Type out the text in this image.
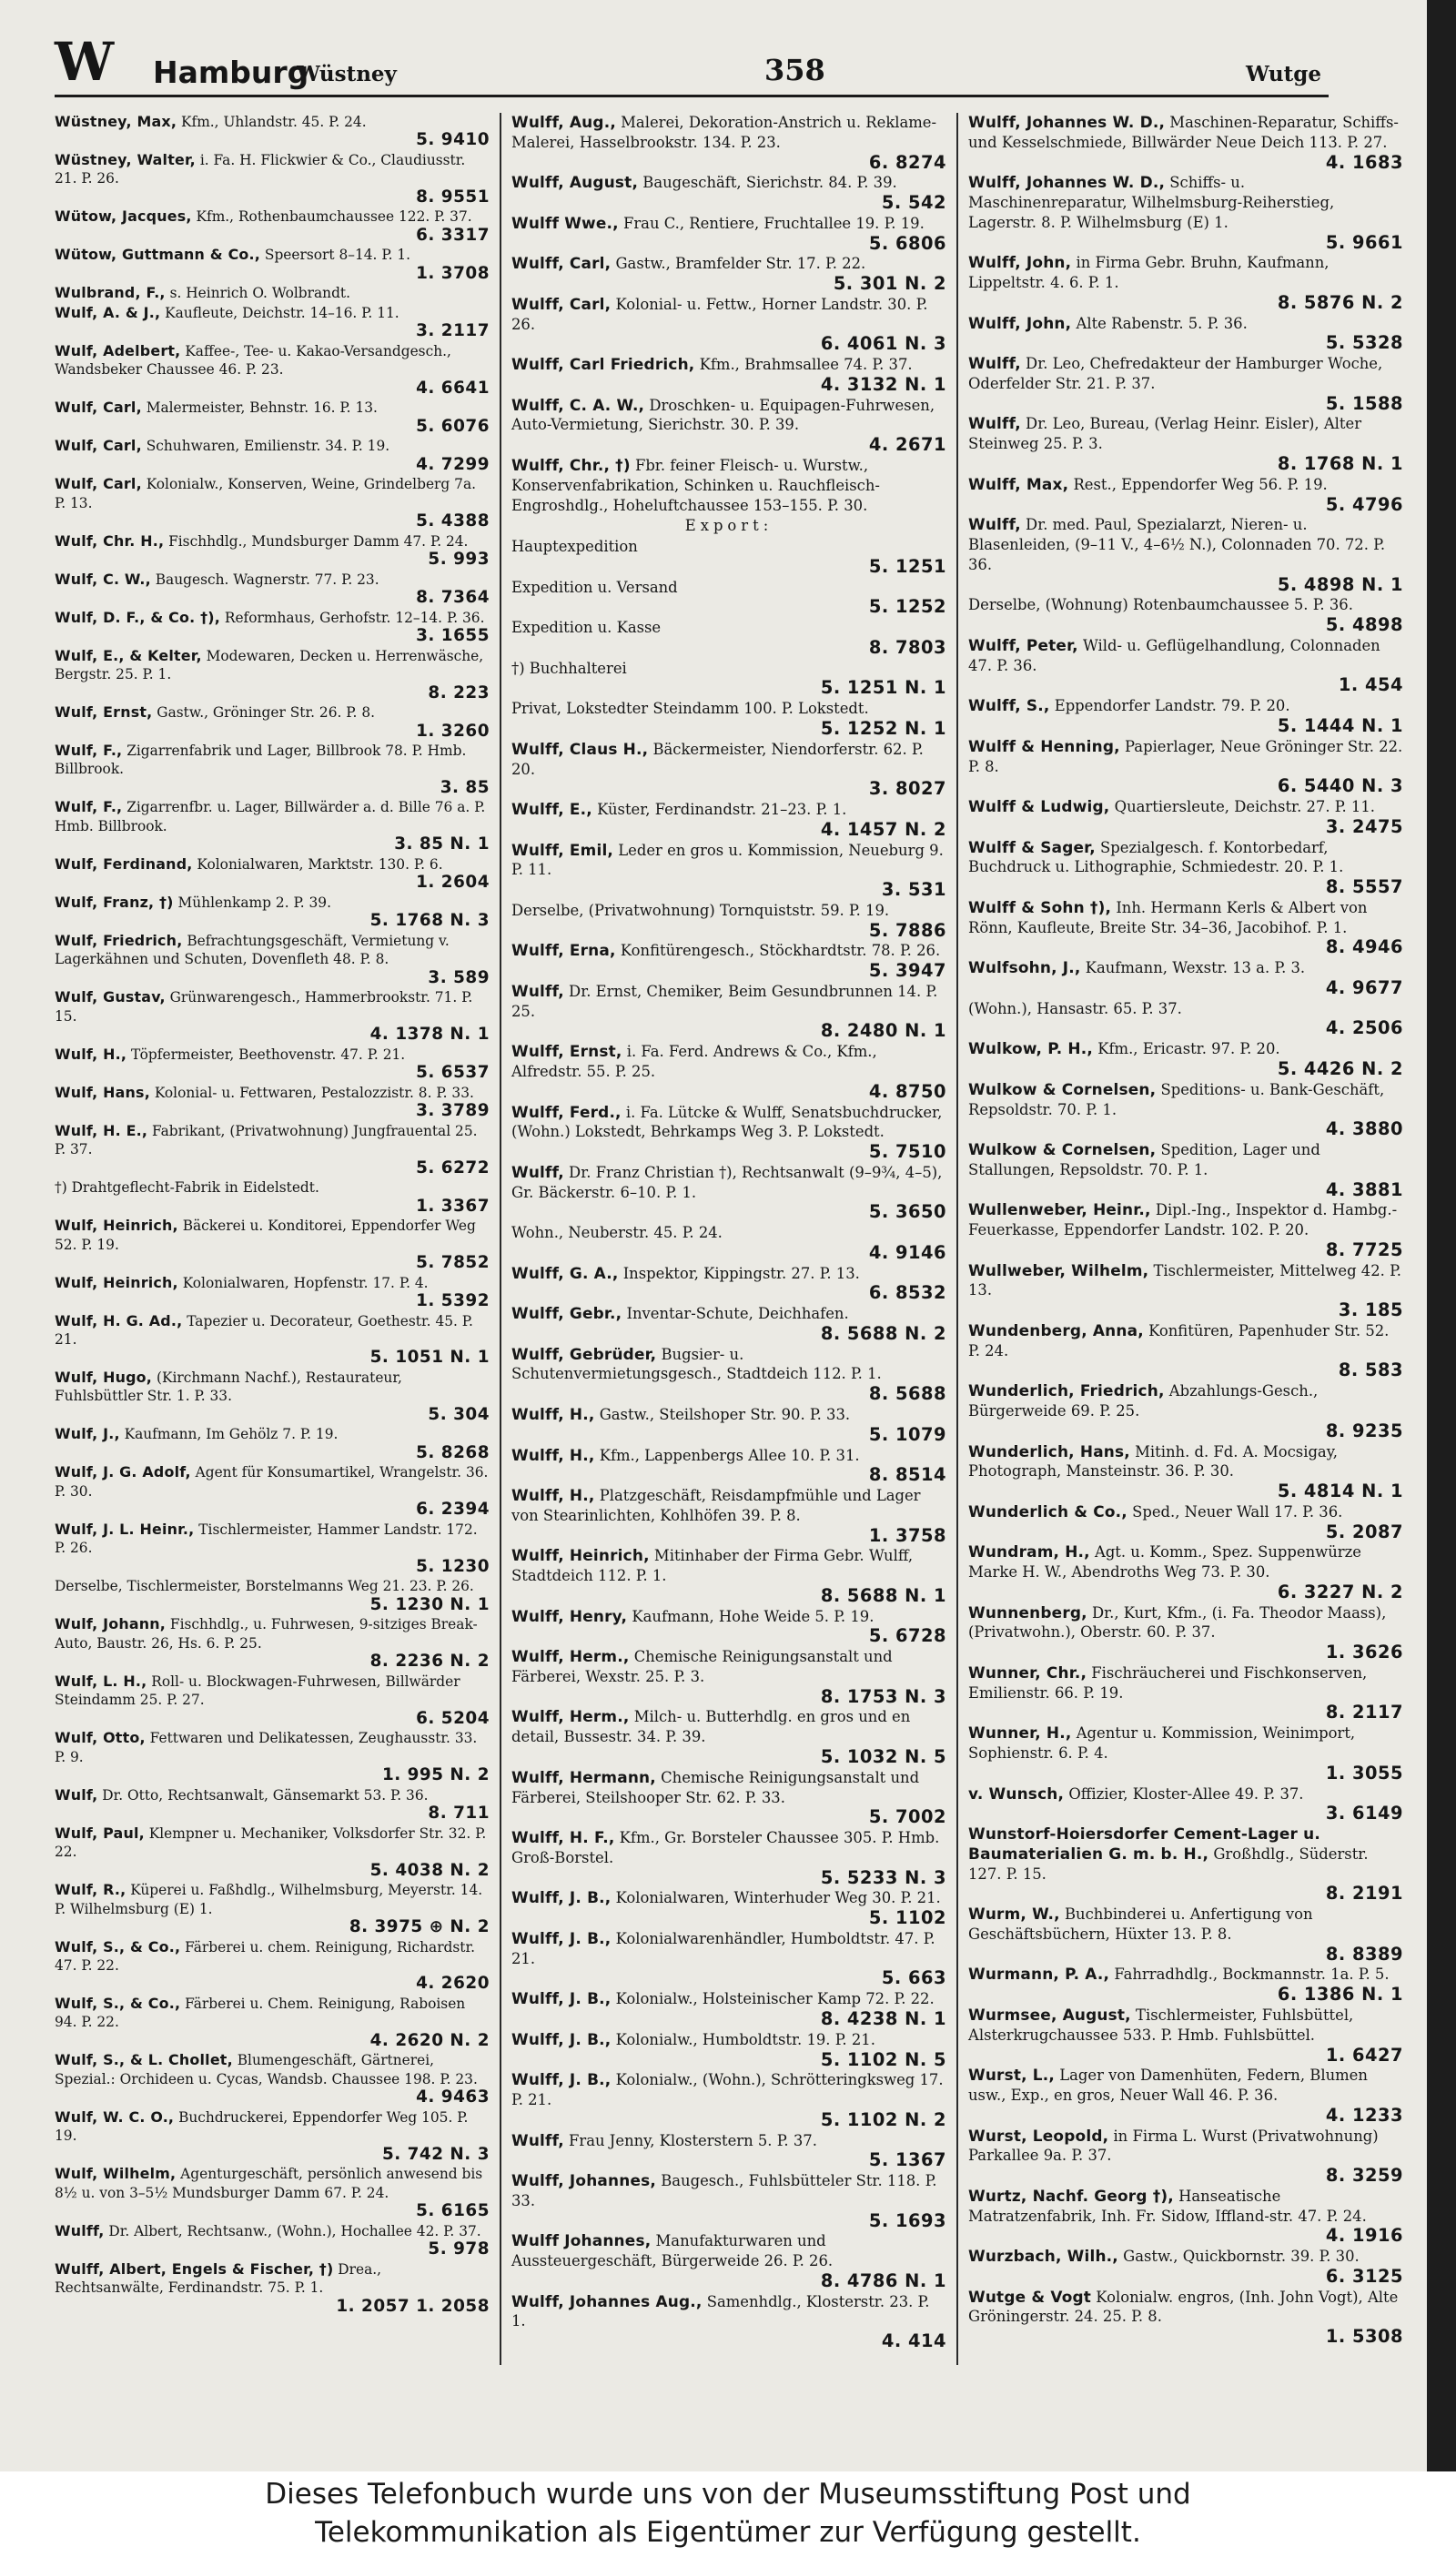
W Hamburg
Wüstney	358	Wutge
Wüstney, Max, Kfm., Uhlandstr. 45. P. 24.
5. 9410
Wüstney, Walter, i. Fa. H. Flickwier & Co., Claudiusstr. 21. P. 26.
8. 9551
Wütow, Jacques, Kfm., Rothenbaumchaussee 122. P. 37.
6. 3317
Wütow, Guttmann & Co., Speersort 8–14. P. 1.
1. 3708
Wulbrand, F., s. Heinrich O. Wolbrandt.
Wulf, A. & J., Kaufleute, Deichstr. 14–16. P. 11.
3. 2117
Wulf, Adelbert, Kaffee-, Tee- u. Kakao-Versandgesch., Wandsbeker Chaussee 46. P. 23.
4. 6641
Wulf, Carl, Malermeister, Behnstr. 16. P. 13.
5. 6076
Wulf, Carl, Schuhwaren, Emilienstr. 34. P. 19.
4. 7299
Wulf, Carl, Kolonialw., Konserven, Weine, Grindelberg 7a. P. 13.
5. 4388
Wulf, Chr. H., Fischhdlg., Mundsburger Damm 47. P. 24.
5. 993
Wulf, C. W., Baugesch. Wagnerstr. 77. P. 23.
8. 7364
Wulf, D. F., & Co. †), Reformhaus, Gerhofstr. 12–14. P. 36.
3. 1655
Wulf, E., & Kelter, Modewaren, Decken u. Herrenwäsche, Bergstr. 25. P. 1.
8. 223
Wulf, Ernst, Gastw., Gröninger Str. 26. P. 8.
1. 3260
Wulf, F., Zigarrenfabrik und Lager, Billbrook 78. P. Hmb. Billbrook.
3. 85
Wulf, F., Zigarrenfbr. u. Lager, Billwärder a. d. Bille 76 a. P. Hmb. Billbrook.
3. 85 N. 1
Wulf, Ferdinand, Kolonialwaren, Marktstr. 130. P. 6.
1. 2604
Wulf, Franz, †) Mühlenkamp 2. P. 39.
5. 1768 N. 3
Wulf, Friedrich, Befrachtungsgeschäft, Vermietung v. Lagerkähnen und Schuten, Dovenfleth 48. P. 8.
3. 589
Wulf, Gustav, Grünwarengesch., Hammerbrookstr. 71. P. 15.
4. 1378 N. 1
Wulf, H., Töpfermeister, Beethovenstr. 47. P. 21.
5. 6537
Wulf, Hans, Kolonial- u. Fettwaren, Pestalozzistr. 8. P. 33.
3. 3789
Wulf, H. E., Fabrikant, (Privatwohnung) Jungfrauental 25. P. 37.
5. 6272
†) Drahtgeflecht-Fabrik in Eidelstedt.
1. 3367
Wulf, Heinrich, Bäckerei u. Konditorei, Eppendorfer Weg 52. P. 19.
5. 7852
Wulf, Heinrich, Kolonialwaren, Hopfenstr. 17. P. 4.
1. 5392
Wulf, H. G. Ad., Tapezier u. Decorateur, Goethestr. 45. P. 21.
5. 1051 N. 1
Wulf, Hugo, (Kirchmann Nachf.), Restaurateur, Fuhlsbüttler Str. 1. P. 33.
5. 304
Wulf, J., Kaufmann, Im Gehölz 7. P. 19.
5. 8268
Wulf, J. G. Adolf, Agent für Konsumartikel, Wrangelstr. 36. P. 30.
6. 2394
Wulf, J. L. Heinr., Tischlermeister, Hammer Landstr. 172. P. 26.
5. 1230
Derselbe, Tischlermeister, Borstelmanns Weg 21. 23. P. 26.
5. 1230 N. 1
Wulf, Johann, Fischhdlg., u. Fuhrwesen, 9-sitziges Break-Auto, Baustr. 26, Hs. 6. P. 25.
8. 2236 N. 2
Wulf, L. H., Roll- u. Blockwagen-Fuhrwesen, Billwärder Steindamm 25. P. 27.
6. 5204
Wulf, Otto, Fettwaren und Delikatessen, Zeughausstr. 33. P. 9.
1. 995 N. 2
Wulf, Dr. Otto, Rechtsanwalt, Gänsemarkt 53. P. 36.
8. 711
Wulf, Paul, Klempner u. Mechaniker, Volksdorfer Str. 32. P. 22.
5. 4038 N. 2
Wulf, R., Küperei u. Faßhdlg., Wilhelmsburg, Meyerstr. 14. P. Wilhelmsburg (E) 1.
8. 3975 ⊕ N. 2
Wulf, S., & Co., Färberei u. chem. Reinigung, Richardstr. 47. P. 22.
4. 2620
Wulf, S., & Co., Färberei u. Chem. Reinigung, Raboisen 94. P. 22.
4. 2620 N. 2
Wulf, S., & L. Chollet, Blumengeschäft, Gärtnerei, Spezial.: Orchideen u. Cycas, Wandsb. Chaussee 198. P. 23.
4. 9463
Wulf, W. C. O., Buchdruckerei, Eppendorfer Weg 105. P. 19.
5. 742 N. 3
Wulf, Wilhelm, Agenturgeschäft, persönlich anwesend bis 8½ u. von 3–5½ Mundsburger Damm 67. P. 24.
5. 6165
Wulff, Dr. Albert, Rechtsanw., (Wohn.), Hochallee 42. P. 37.
5. 978
Wulff, Albert, Engels & Fischer, †) Drea., Rechtsanwälte, Ferdinandstr. 75. P. 1.
1. 2057 1. 2058
Wulff, Aug., Malerei, Dekoration-Anstrich u. Reklame-Malerei, Hasselbrookstr. 134. P. 23.
6. 8274
Wulff, August, Baugeschäft, Sierichstr. 84. P. 39.
5. 542
Wulff Wwe., Frau C., Rentiere, Fruchtallee 19. P. 19.
5. 6806
Wulff, Carl, Gastw., Bramfelder Str. 17. P. 22.
5. 301 N. 2
Wulff, Carl, Kolonial- u. Fettw., Horner Landstr. 30. P. 26.
6. 4061 N. 3
Wulff, Carl Friedrich, Kfm., Brahmsallee 74. P. 37.
4. 3132 N. 1
Wulff, C. A. W., Droschken- u. Equipagen-Fuhrwesen, Auto-Vermietung, Sierichstr. 30. P. 39.
4. 2671
Wulff, Chr., †) Fbr. feiner Fleisch- u. Wurstw., Konservenfabrikation, Schinken u. Rauchfleisch-Engroshdlg., Hoheluftchaussee 153–155. P. 30.
Export:
Hauptexpedition
5. 1251
Expedition u. Versand
5. 1252
Expedition u. Kasse
8. 7803
†) Buchhalterei
5. 1251 N. 1
Privat, Lokstedter Steindamm 100. P. Lokstedt.
5. 1252 N. 1
Wulff, Claus H., Bäckermeister, Niendorferstr. 62. P. 20.
3. 8027
Wulff, E., Küster, Ferdinandstr. 21–23. P. 1.
4. 1457 N. 2
Wulff, Emil, Leder en gros u. Kommission, Neueburg 9. P. 11.
3. 531
Derselbe, (Privatwohnung) Tornquiststr. 59. P. 19.
5. 7886
Wulff, Erna, Konfitürengesch., Stöckhardtstr. 78. P. 26.
5. 3947
Wulff, Dr. Ernst, Chemiker, Beim Gesundbrunnen 14. P. 25.
8. 2480 N. 1
Wulff, Ernst, i. Fa. Ferd. Andrews & Co., Kfm., Alfredstr. 55. P. 25.
4. 8750
Wulff, Ferd., i. Fa. Lütcke & Wulff, Senatsbuchdrucker, (Wohn.) Lokstedt, Behrkamps Weg 3. P. Lokstedt.
5. 7510
Wulff, Dr. Franz Christian †), Rechtsanwalt (9–9¾, 4–5), Gr. Bäckerstr. 6–10. P. 1.
5. 3650
Wohn., Neuberstr. 45. P. 24.
4. 9146
Wulff, G. A., Inspektor, Kippingstr. 27. P. 13.
6. 8532
Wulff, Gebr., Inventar-Schute, Deichhafen.
8. 5688 N. 2
Wulff, Gebrüder, Bugsier- u. Schutenvermietungsgesch., Stadtdeich 112. P. 1.
8. 5688
Wulff, H., Gastw., Steilshoper Str. 90. P. 33.
5. 1079
Wulff, H., Kfm., Lappenbergs Allee 10. P. 31.
8. 8514
Wulff, H., Platzgeschäft, Reisdampfmühle und Lager von Stearinlichten, Kohlhöfen 39. P. 8.
1. 3758
Wulff, Heinrich, Mitinhaber der Firma Gebr. Wulff, Stadtdeich 112. P. 1.
8. 5688 N. 1
Wulff, Henry, Kaufmann, Hohe Weide 5. P. 19.
5. 6728
Wulff, Herm., Chemische Reinigungsanstalt und Färberei, Wexstr. 25. P. 3.
8. 1753 N. 3
Wulff, Herm., Milch- u. Butterhdlg. en gros und en detail, Bussestr. 34. P. 39.
5. 1032 N. 5
Wulff, Hermann, Chemische Reinigungsanstalt und Färberei, Steilshooper Str. 62. P. 33.
5. 7002
Wulff, H. F., Kfm., Gr. Borsteler Chaussee 305. P. Hmb. Groß-Borstel.
5. 5233 N. 3
Wulff, J. B., Kolonialwaren, Winterhuder Weg 30. P. 21.
5. 1102
Wulff, J. B., Kolonialwarenhändler, Humboldtstr. 47. P. 21.
5. 663
Wulff, J. B., Kolonialw., Holsteinischer Kamp 72. P. 22.
8. 4238 N. 1
Wulff, J. B., Kolonialw., Humboldtstr. 19. P. 21.
5. 1102 N. 5
Wulff, J. B., Kolonialw., (Wohn.), Schrötteringksweg 17. P. 21.
5. 1102 N. 2
Wulff, Frau Jenny, Klosterstern 5. P. 37.
5. 1367
Wulff, Johannes, Baugesch., Fuhlsbütteler Str. 118. P. 33.
5. 1693
Wulff Johannes, Manufakturwaren und Aussteuergeschäft, Bürgerweide 26. P. 26.
8. 4786 N. 1
Wulff, Johannes Aug., Samenhdlg., Klosterstr. 23. P. 1.
4. 414
Wulff, Johannes W. D., Maschinen-Reparatur, Schiffs- und Kesselschmiede, Billwärder Neue Deich 113. P. 27.
4. 1683
Wulff, Johannes W. D., Schiffs- u. Maschinenreparatur, Wilhelmsburg-Reiherstieg, Lagerstr. 8. P. Wilhelmsburg (E) 1.
5. 9661
Wulff, John, in Firma Gebr. Bruhn, Kaufmann, Lippeltstr. 4. 6. P. 1.
8. 5876 N. 2
Wulff, John, Alte Rabenstr. 5. P. 36.
5. 5328
Wulff, Dr. Leo, Chefredakteur der Hamburger Woche, Oderfelder Str. 21. P. 37.
5. 1588
Wulff, Dr. Leo, Bureau, (Verlag Heinr. Eisler), Alter Steinweg 25. P. 3.
8. 1768 N. 1
Wulff, Max, Rest., Eppendorfer Weg 56. P. 19.
5. 4796
Wulff, Dr. med. Paul, Spezialarzt, Nieren- u. Blasenleiden, (9–11 V., 4–6½ N.), Colonnaden 70. 72. P. 36.
5. 4898 N. 1
Derselbe, (Wohnung) Rotenbaumchaussee 5. P. 36.
5. 4898
Wulff, Peter, Wild- u. Geflügelhandlung, Colonnaden 47. P. 36.
1. 454
Wulff, S., Eppendorfer Landstr. 79. P. 20.
5. 1444 N. 1
Wulff & Henning, Papierlager, Neue Gröninger Str. 22. P. 8.
6. 5440 N. 3
Wulff & Ludwig, Quartiersleute, Deichstr. 27. P. 11.
3. 2475
Wulff & Sager, Spezialgesch. f. Kontorbedarf, Buchdruck u. Lithographie, Schmiedestr. 20. P. 1.
8. 5557
Wulff & Sohn †), Inh. Hermann Kerls & Albert von Rönn, Kaufleute, Breite Str. 34–36, Jacobihof. P. 1.
8. 4946
Wulfsohn, J., Kaufmann, Wexstr. 13 a. P. 3.
4. 9677
(Wohn.), Hansastr. 65. P. 37.
4. 2506
Wulkow, P. H., Kfm., Ericastr. 97. P. 20.
5. 4426 N. 2
Wulkow & Cornelsen, Speditions- u. Bank-Geschäft, Repsoldstr. 70. P. 1.
4. 3880
Wulkow & Cornelsen, Spedition, Lager und Stallungen, Repsoldstr. 70. P. 1.
4. 3881
Wullenweber, Heinr., Dipl.-Ing., Inspektor d. Hambg.-Feuerkasse, Eppendorfer Landstr. 102. P. 20.
8. 7725
Wullweber, Wilhelm, Tischlermeister, Mittelweg 42. P. 13.
3. 185
Wundenberg, Anna, Konfitüren, Papenhuder Str. 52. P. 24.
8. 583
Wunderlich, Friedrich, Abzahlungs-Gesch., Bürgerweide 69. P. 25.
8. 9235
Wunderlich, Hans, Mitinh. d. Fd. A. Mocsigay, Photograph, Mansteinstr. 36. P. 30.
5. 4814 N. 1
Wunderlich & Co., Sped., Neuer Wall 17. P. 36.
5. 2087
Wundram, H., Agt. u. Komm., Spez. Suppenwürze Marke H. W., Abendroths Weg 73. P. 30.
6. 3227 N. 2
Wunnenberg, Dr., Kurt, Kfm., (i. Fa. Theodor Maass), (Privatwohn.), Oberstr. 60. P. 37.
1. 3626
Wunner, Chr., Fischräucherei und Fischkonserven, Emilienstr. 66. P. 19.
8. 2117
Wunner, H., Agentur u. Kommission, Weinimport, Sophienstr. 6. P. 4.
1. 3055
v. Wunsch, Offizier, Kloster-Allee 49. P. 37.
3. 6149
Wunstorf-Hoiersdorfer Cement-Lager u. Baumaterialien G. m. b. H., Großhdlg., Süderstr. 127. P. 15.
8. 2191
Wurm, W., Buchbinderei u. Anfertigung von Geschäftsbüchern, Hüxter 13. P. 8.
8. 8389
Wurmann, P. A., Fahrradhdlg., Bockmannstr. 1a. P. 5.
6. 1386 N. 1
Wurmsee, August, Tischlermeister, Fuhlsbüttel, Alsterkrugchaussee 533. P. Hmb. Fuhlsbüttel.
1. 6427
Wurst, L., Lager von Damenhüten, Federn, Blumen usw., Exp., en gros, Neuer Wall 46. P. 36.
4. 1233
Wurst, Leopold, in Firma L. Wurst (Privatwohnung) Parkallee 9a. P. 37.
8. 3259
Wurtz, Nachf. Georg †), Hanseatische Matratzenfabrik, Inh. Fr. Sidow, Iffland-str. 47. P. 24.
4. 1916
Wurzbach, Wilh., Gastw., Quickbornstr. 39. P. 30.
6. 3125
Wutge & Vogt Kolonialw. engros, (Inh. John Vogt), Alte Gröningerstr. 24. 25. P. 8.
1. 5308
Dieses Telefonbuch wurde uns von der Museumsstiftung Post und
Telekommunikation als Eigentümer zur Verfügung gestellt.
